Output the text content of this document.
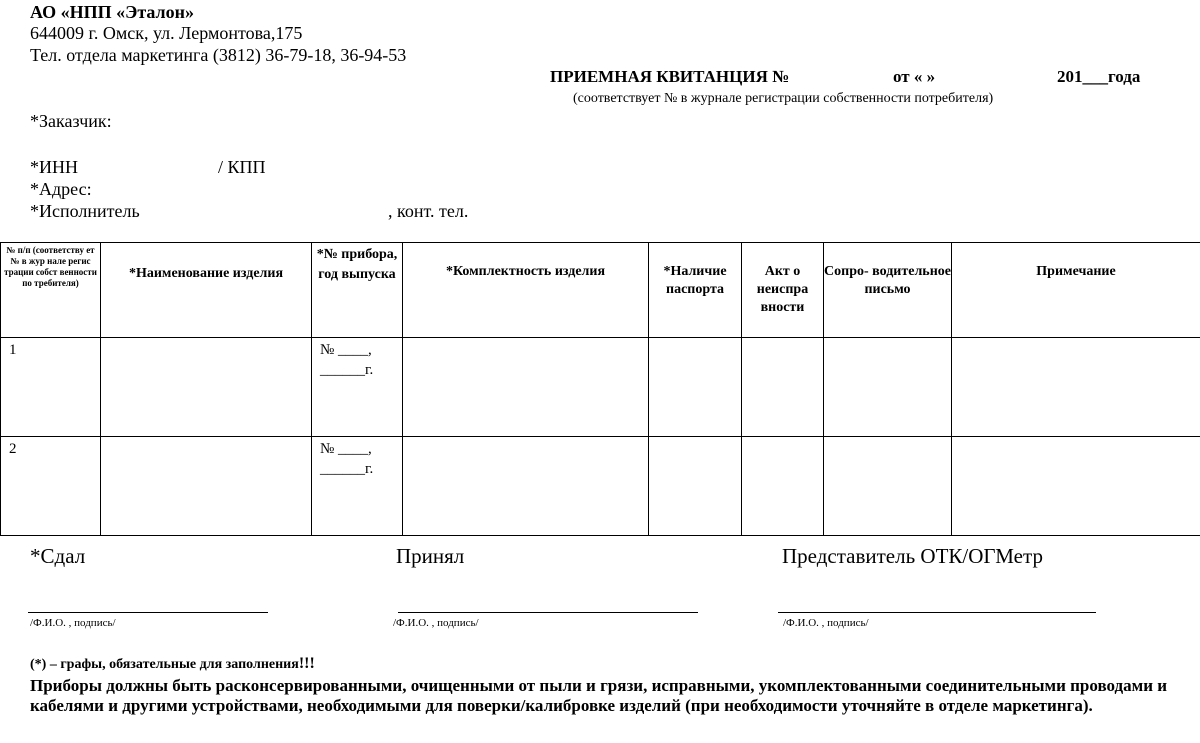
АО «НПП «Эталон»
644009 г. Омск, ул. Лермонтова,175
Тел. отдела маркетинга (3812) 36-79-18, 36-94-53
ПРИЕМНАЯ КВИТАНЦИЯ №	от « »	201___года
(соответствует № в журнале регистрации собственности потребителя)
*Заказчик:
*ИНН	/ КПП
*Адрес:
*Исполнитель	, конт. тел.
№ п/п (соответству ет № в жур нале регис трации собст венности по требителя)	*Наименование изделия	*№ прибора, год выпуска	*Комплектность изделия	*Наличие паспорта	Акт о неиспра вности	Сопро- водительное письмо	Примечание
1		№ ____,
______г.					

2		№ ____,
______г.					

*Сдал	Принял	Представитель ОТК/ОГМетр
/Ф.И.О. , подпись/	/Ф.И.О. , подпись/	/Ф.И.О. , подпись/
(*) – графы, обязательные для заполнения!!!
Приборы должны быть расконсервированными, очищенными от пыли и грязи, исправными, укомплектованными соединительными проводами и кабелями и другими устройствами, необходимыми для поверки/калибровке изделий (при необходимости уточняйте в отделе маркетинга).
